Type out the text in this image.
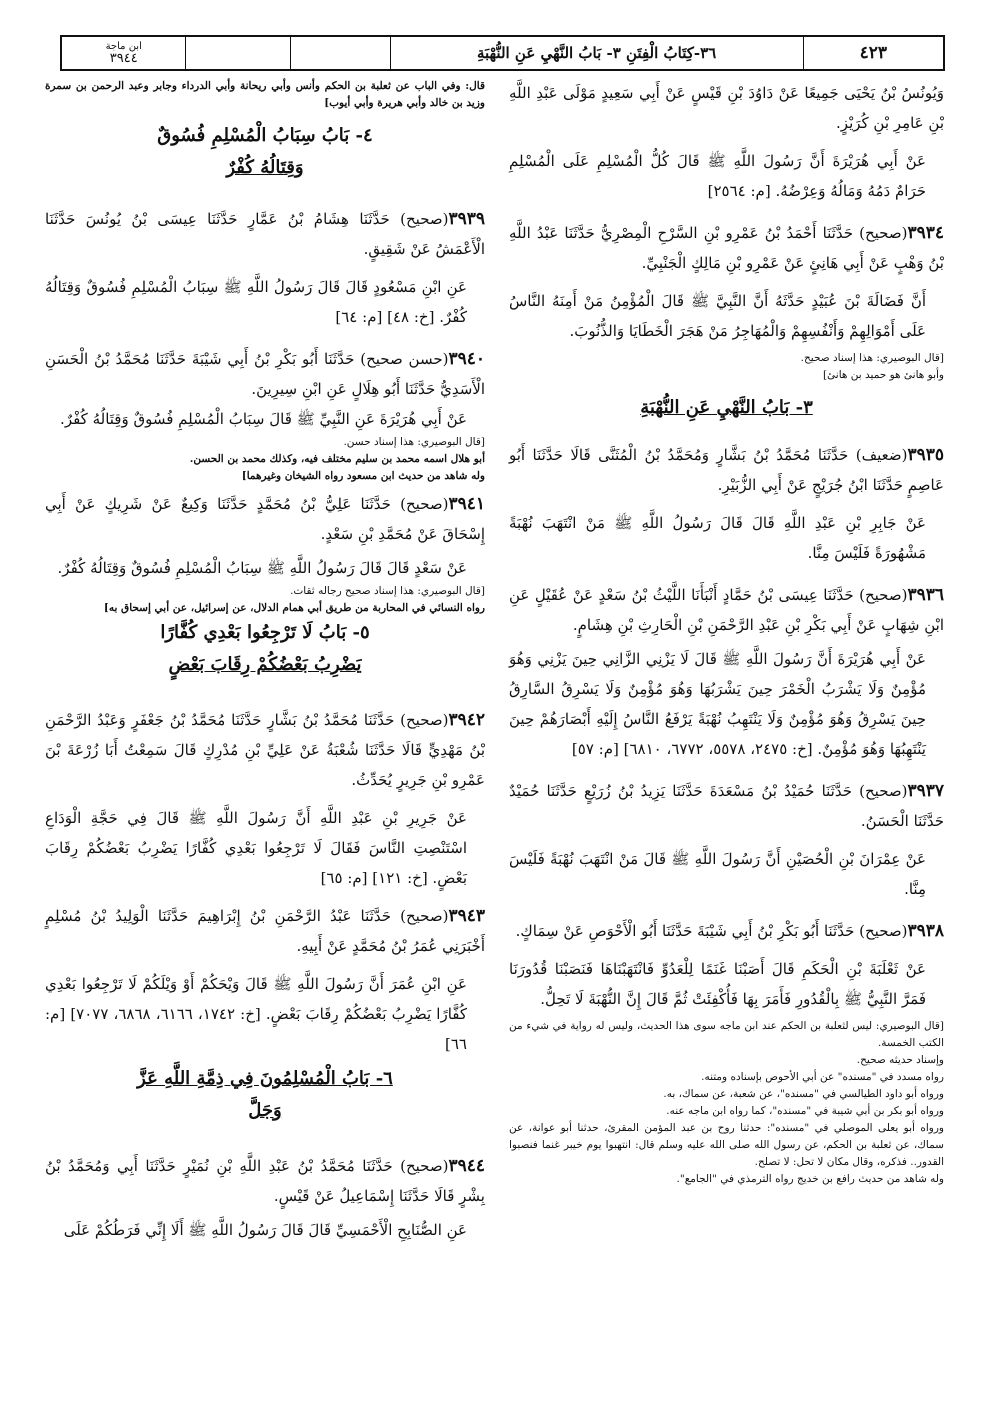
ابن ماجة
٣٩٤٤	٣٦-كِتَابُ الْفِتَنِ ٣- بَابُ النَّهْيِ عَنِ النُّهْبَةِ	٤٢٣

وَيُونُسُ بْنُ يَحْيَى جَمِيعًا عَنْ دَاوُدَ بْنِ قَيْسٍ عَنْ أَبِي سَعِيدٍ مَوْلَى عَبْدِ اللَّهِ بْنِ عَامِرِ بْنِ كُرَيْزٍ.

عَنْ أَبِي هُرَيْرَةَ أَنَّ رَسُولَ اللَّهِ ﷺ قَالَ كُلُّ الْمُسْلِمِ عَلَى الْمُسْلِمِ حَرَامٌ دَمُهُ وَمَالُهُ وَعِرْضُهُ. [م: ٢٥٦٤]

٣٩٣٤(صحيح) حَدَّثَنَا أَحْمَدُ بْنُ عَمْرِو بْنِ السَّرْحِ الْمِصْرِيُّ حَدَّثَنَا عَبْدُ اللَّهِ بْنُ وَهْبٍ عَنْ أَبِي هَانِئٍ عَنْ عَمْرِو بْنِ مَالِكٍ الْجَنْبِيِّ.

أَنَّ فَضَالَةَ بْنَ عُبَيْدٍ حَدَّثَهُ أَنَّ النَّبِيَّ ﷺ قَالَ الْمُؤْمِنُ مَنْ أَمِنَهُ النَّاسُ عَلَى أَمْوَالِهِمْ وَأَنْفُسِهِمْ وَالْمُهَاجِرُ مَنْ هَجَرَ الْخَطَايَا وَالذُّنُوبَ.

[قال البوصيري: هذا إسناد صحيح.

وأبو هانئ هو حميد بن هانئ]

٣- بَابُ النَّهْيِ عَنِ النُّهْبَةِ

٣٩٣٥(ضعيف) حَدَّثَنَا مُحَمَّدُ بْنُ بَشَّارٍ وَمُحَمَّدُ بْنُ الْمُثَنَّى قَالَا حَدَّثَنَا أَبُو عَاصِمٍ حَدَّثَنَا ابْنُ جُرَيْجٍ عَنْ أَبِي الزُّبَيْرِ.

عَنْ جَابِرِ بْنِ عَبْدِ اللَّهِ قَالَ قَالَ رَسُولُ اللَّهِ ﷺ مَنْ انْتَهَبَ نُهْبَةً مَشْهُورَةً فَلَيْسَ مِنَّا.

٣٩٣٦(صحيح) حَدَّثَنَا عِيسَى بْنُ حَمَّادٍ أَنْبَأَنَا اللَّيْثُ بْنُ سَعْدٍ عَنْ عُقَيْلٍ عَنِ ابْنِ شِهَابٍ عَنْ أَبِي بَكْرِ بْنِ عَبْدِ الرَّحْمَنِ بْنِ الْحَارِثِ بْنِ هِشَامٍ.

عَنْ أَبِي هُرَيْرَةَ أَنَّ رَسُولَ اللَّهِ ﷺ قَالَ لَا يَزْنِي الزَّانِي حِينَ يَزْنِي وَهُوَ مُؤْمِنٌ وَلَا يَشْرَبُ الْخَمْرَ حِينَ يَشْرَبُهَا وَهُوَ مُؤْمِنٌ وَلَا يَسْرِقُ السَّارِقُ حِينَ يَسْرِقُ وَهُوَ مُؤْمِنٌ وَلَا يَنْتَهِبُ نُهْبَةً يَرْفَعُ النَّاسُ إِلَيْهِ أَبْصَارَهُمْ حِينَ يَنْتَهِبُهَا وَهُوَ مُؤْمِنٌ. [خ: ٢٤٧٥، ٥٥٧٨، ٦٧٧٢، ٦٨١٠] [م: ٥٧]

٣٩٣٧(صحيح) حَدَّثَنَا حُمَيْدُ بْنُ مَسْعَدَةَ حَدَّثَنَا يَزِيدُ بْنُ زُرَيْعٍ حَدَّثَنَا حُمَيْدٌ حَدَّثَنَا الْحَسَنُ.

عَنْ عِمْرَانَ بْنِ الْحُصَيْنِ أَنَّ رَسُولَ اللَّهِ ﷺ قَالَ مَنْ انْتَهَبَ نُهْبَةً فَلَيْسَ مِنَّا.

٣٩٣٨(صحيح) حَدَّثَنَا أَبُو بَكْرِ بْنُ أَبِي شَيْبَةَ حَدَّثَنَا أَبُو الْأَحْوَصِ عَنْ سِمَاكٍ.

عَنْ ثَعْلَبَةَ بْنِ الْحَكَمِ قَالَ أَصَبْنَا غَنَمًا لِلْعَدُوِّ فَانْتَهَبْنَاهَا فَنَصَبْنَا قُدُورَنَا فَمَرَّ النَّبِيُّ ﷺ بِالْقُدُورِ فَأَمَرَ بِهَا فَأُكْفِئَتْ ثُمَّ قَالَ إِنَّ النُّهْبَةَ لَا تَحِلُّ.

[قال البوصيري: ليس لثعلبة بن الحكم عند ابن ماجه سوى هذا الحديث، وليس له رواية في شيء من الكتب الخمسة.

وإسناد حديثه صحيح.

رواه مسدد في "مسنده" عن أبي الأحوص بإسناده ومتنه.

ورواه أبو داود الطيالسي في "مسنده"، عن شعبة، عن سماك، به.

ورواه أبو بكر بن أبي شيبة في "مسنده"، كما رواه ابن ماجه عنه.

ورواه أبو يعلى الموصلي في "مسنده": حدثنا روح بن عبد المؤمن المقرئ، حدثنا أبو عوانة، عن سماك، عن ثعلبة بن الحكم، عن رسول الله صلى الله عليه وسلم قال: انتهبوا يوم خيبر غنما فنصبوا القدور.. فذكره، وقال مكان لا تحل: لا تصلح.

وله شاهد من حديث رافع بن خديج رواه الترمذي في "الجامع".

قال: وفي الباب عن ثعلبة بن الحكم وأنس وأبي ريحانة وأبي الدرداء وجابر وعبد الرحمن بن سمرة وزيد بن خالد وأبي هريرة وأبي أيوب]

٤- بَابُ سِبَابُ الْمُسْلِمِ فُسُوقٌ

وَقِتَالُهُ كُفْرٌ

٣٩٣٩(صحيح) حَدَّثَنَا هِشَامُ بْنُ عَمَّارٍ حَدَّثَنَا عِيسَى بْنُ يُونُسَ حَدَّثَنَا الْأَعْمَشُ عَنْ شَقِيقٍ.

عَنِ ابْنِ مَسْعُودٍ قَالَ قَالَ رَسُولُ اللَّهِ ﷺ سِبَابُ الْمُسْلِمِ فُسُوقٌ وَقِتَالُهُ كُفْرٌ. [خ: ٤٨] [م: ٦٤]

٣٩٤٠(حسن صحيح) حَدَّثَنَا أَبُو بَكْرِ بْنُ أَبِي شَيْبَةَ حَدَّثَنَا مُحَمَّدُ بْنُ الْحَسَنِ الْأَسَدِيُّ حَدَّثَنَا أَبُو هِلَالٍ عَنِ ابْنِ سِيرِينَ.

عَنْ أَبِي هُرَيْرَةَ عَنِ النَّبِيِّ ﷺ قَالَ سِبَابُ الْمُسْلِمِ فُسُوقٌ وَقِتَالُهُ كُفْرٌ.

[قال البوصيري: هذا إسناد حسن.

أبو هلال اسمه محمد بن سليم مختلف فيه، وكذلك محمد بن الحسن.

وله شاهد من حديث ابن مسعود رواه الشيخان وغيرهما]

٣٩٤١(صحيح) حَدَّثَنَا عَلِيُّ بْنُ مُحَمَّدٍ حَدَّثَنَا وَكِيعٌ عَنْ شَرِيكٍ عَنْ أَبِي إِسْحَاقَ عَنْ مُحَمَّدِ بْنِ سَعْدٍ.

عَنْ سَعْدٍ قَالَ قَالَ رَسُولُ اللَّهِ ﷺ سِبَابُ الْمُسْلِمِ فُسُوقٌ وَقِتَالُهُ كُفْرٌ.

[قال البوصيري: هذا إسناد صحيح رجاله ثقات.

رواه النسائي في المحاربة من طريق أبي همام الدلال، عن إسرائيل، عن أبي إسحاق به]

٥- بَابُ لَا تَرْجِعُوا بَعْدِي كُفَّارًا

يَضْرِبُ بَعْضُكُمْ رِقَابَ بَعْضٍ

٣٩٤٢(صحيح) حَدَّثَنَا مُحَمَّدُ بْنُ بَشَّارٍ حَدَّثَنَا مُحَمَّدُ بْنُ جَعْفَرٍ وَعَبْدُ الرَّحْمَنِ بْنُ مَهْدِيٍّ قَالَا حَدَّثَنَا شُعْبَةُ عَنْ عَلِيِّ بْنِ مُدْرِكٍ قَالَ سَمِعْتُ أَبَا زُرْعَةَ بْنَ عَمْرِو بْنِ جَرِيرٍ يُحَدِّثُ.

عَنْ جَرِيرِ بْنِ عَبْدِ اللَّهِ أَنَّ رَسُولَ اللَّهِ ﷺ قَالَ فِي حَجَّةِ الْوَدَاعِ اسْتَنْصِتِ النَّاسَ فَقَالَ لَا تَرْجِعُوا بَعْدِي كُفَّارًا يَضْرِبُ بَعْضُكُمْ رِقَابَ بَعْضٍ. [خ: ١٢١] [م: ٦٥]

٣٩٤٣(صحيح) حَدَّثَنَا عَبْدُ الرَّحْمَنِ بْنُ إِبْرَاهِيمَ حَدَّثَنَا الْوَلِيدُ بْنُ مُسْلِمٍ أَخْبَرَنِي عُمَرُ بْنُ مُحَمَّدٍ عَنْ أَبِيهِ.

عَنِ ابْنِ عُمَرَ أَنَّ رَسُولَ اللَّهِ ﷺ قَالَ وَيْحَكُمْ أَوْ وَيْلَكُمْ لَا تَرْجِعُوا بَعْدِي كُفَّارًا يَضْرِبُ بَعْضُكُمْ رِقَابَ بَعْضٍ. [خ: ١٧٤٢، ٦١٦٦، ٦٨٦٨، ٧٠٧٧] [م: ٦٦]

٦- بَابُ الْمُسْلِمُونَ فِي ذِمَّةِ اللَّهِ عَزَّ

وَجَلَّ

٣٩٤٤(صحيح) حَدَّثَنَا مُحَمَّدُ بْنُ عَبْدِ اللَّهِ بْنِ نُمَيْرٍ حَدَّثَنَا أَبِي وَمُحَمَّدُ بْنُ بِشْرٍ قَالَا حَدَّثَنَا إِسْمَاعِيلُ عَنْ قَيْسٍ.

عَنِ الصُّنَابِحِ الْأَحْمَسِيِّ قَالَ قَالَ رَسُولُ اللَّهِ ﷺ أَلَا إِنِّي فَرَطُكُمْ عَلَى
